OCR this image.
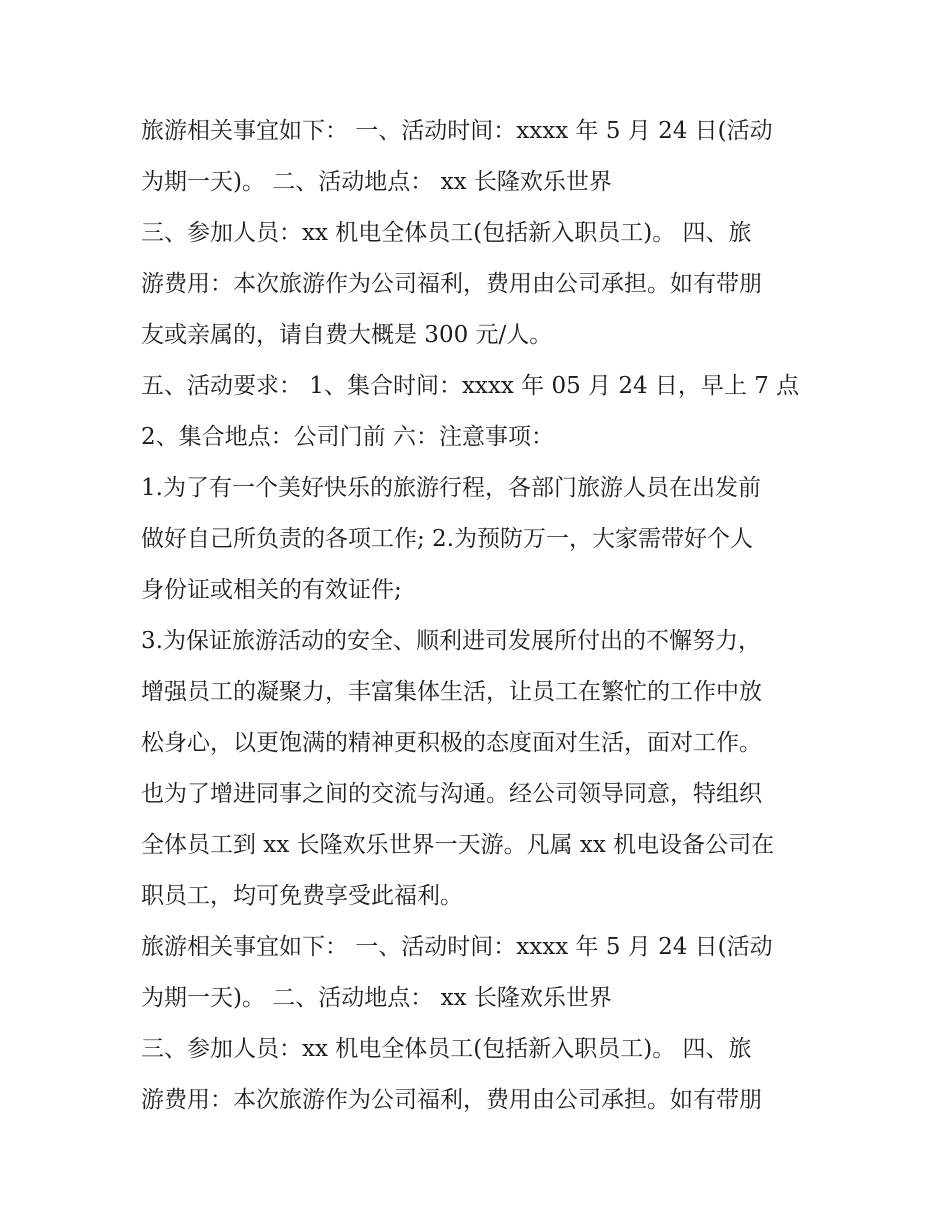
旅游相关事宜如下： 一、活动时间：xxxx 年 5 月 24 日(活动
为期一天)。 二、活动地点： xx 长隆欢乐世界
三、参加人员：xx 机电全体员工(包括新入职员工)。 四、旅
游费用：本次旅游作为公司福利，费用由公司承担。如有带朋
友或亲属的，请自费大概是 300 元/人。
五、活动要求： 1、集合时间：xxxx 年 05 月 24 日，早上 7 点
2、集合地点：公司门前 六：注意事项：
1.为了有一个美好快乐的旅游行程，各部门旅游人员在出发前
做好自己所负责的各项工作; 2.为预防万一，大家需带好个人
身份证或相关的有效证件;
3.为保证旅游活动的安全、顺利进司发展所付出的不懈努力，
增强员工的凝聚力，丰富集体生活，让员工在繁忙的工作中放
松身心，以更饱满的精神更积极的态度面对生活，面对工作。
也为了增进同事之间的交流与沟通。经公司领导同意，特组织
全体员工到 xx 长隆欢乐世界一天游。凡属 xx 机电设备公司在
职员工，均可免费享受此福利。
旅游相关事宜如下： 一、活动时间：xxxx 年 5 月 24 日(活动
为期一天)。 二、活动地点： xx 长隆欢乐世界
三、参加人员：xx 机电全体员工(包括新入职员工)。 四、旅
游费用：本次旅游作为公司福利，费用由公司承担。如有带朋
